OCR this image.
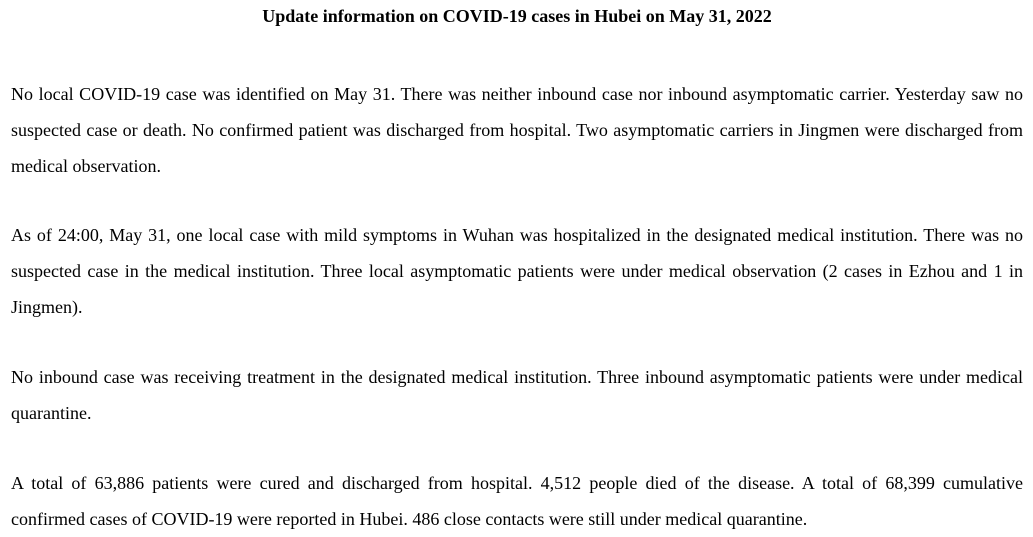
Update information on COVID-19 cases in Hubei on May 31, 2022

No local COVID-19 case was identified on May 31. There was neither inbound case nor inbound asymptomatic carrier. Yesterday saw no suspected case or death. No confirmed patient was discharged from hospital. Two asymptomatic carriers in Jingmen were discharged from medical observation.

As of 24:00, May 31, one local case with mild symptoms in Wuhan was hospitalized in the designated medical institution. There was no suspected case in the medical institution. Three local asymptomatic patients were under medical observation (2 cases in Ezhou and 1 in Jingmen).

No inbound case was receiving treatment in the designated medical institution. Three inbound asymptomatic patients were under medical quarantine.

A total of 63,886 patients were cured and discharged from hospital. 4,512 people died of the disease. A total of 68,399 cumulative confirmed cases of COVID-19 were reported in Hubei. 486 close contacts were still under medical quarantine.
